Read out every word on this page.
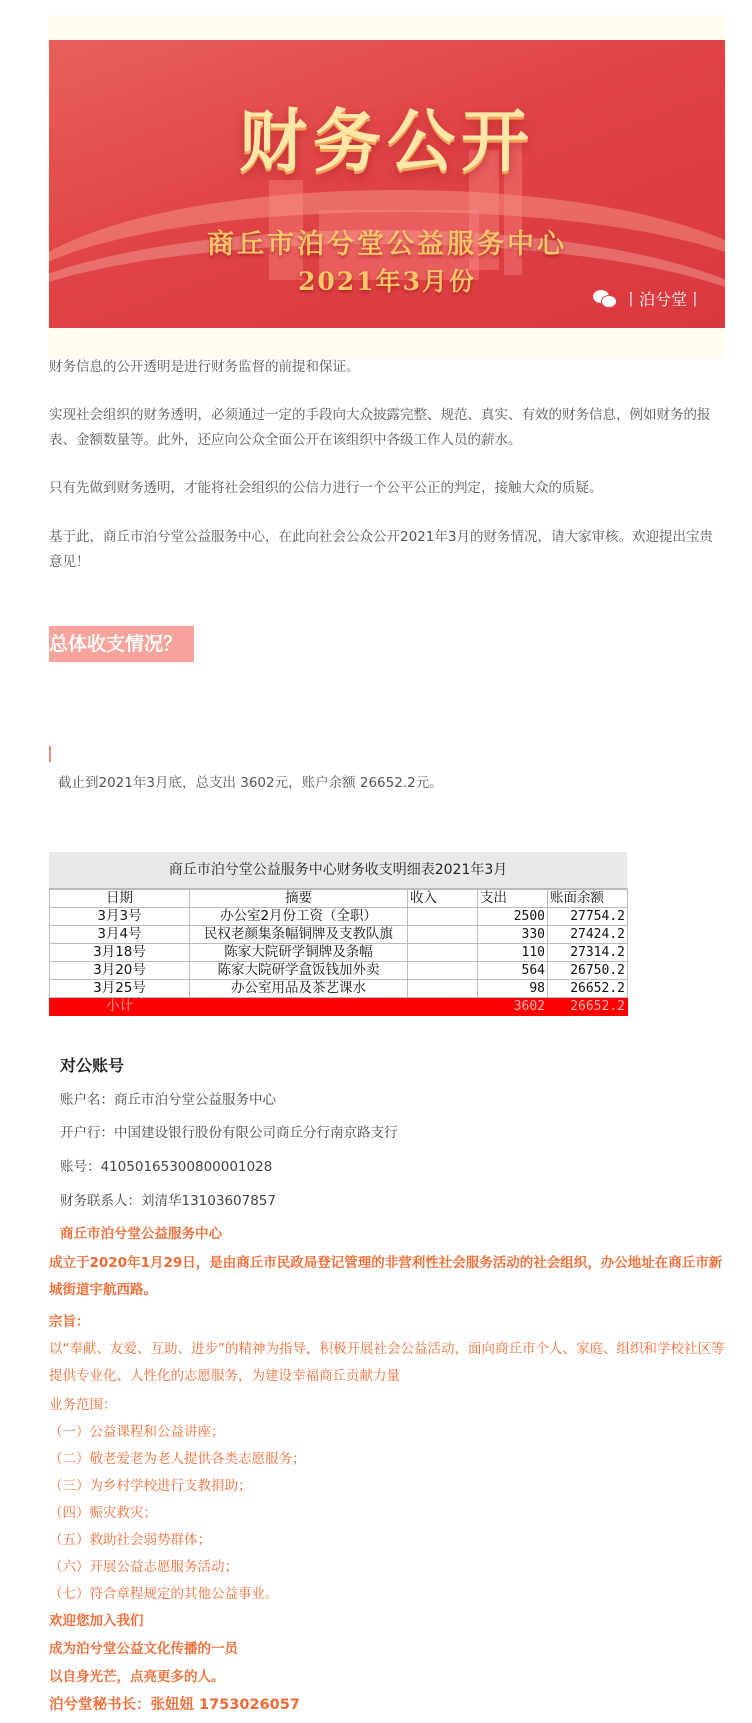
财务公开
商丘市泊兮堂公益服务中心
2021年3月份
丨泊兮堂丨
财务信息的公开透明是进行财务监督的前提和保证。
实现社会组织的财务透明，必须通过一定的手段向大众披露完整、规范、真实、有效的财务信息，例如财务的报表、金额数量等。此外，还应向公众全面公开在该组织中各级工作人员的薪水。
只有先做到财务透明，才能将社会组织的公信力进行一个公平公正的判定，接触大众的质疑。
基于此，商丘市泊兮堂公益服务中心，在此向社会公众公开2021年3月的财务情况，请大家审核。欢迎提出宝贵意见！
总体收支情况？
截止到2021年3月底，总支出 3602元，账户余额 26652.2元。
商丘市泊兮堂公益服务中心财务收支明细表2021年3月
日期	摘要	收入	支出	账面余额
3月3号	办公室2月份工资（全职）		2500	27754.2
3月4号	民权老颜集条幅铜牌及支教队旗		330	27424.2
3月18号	陈家大院研学铜牌及条幅		110	27314.2
3月20号	陈家大院研学盒饭钱加外卖		564	26750.2
3月25号	办公室用品及茶艺课水		98	26652.2
小计			3602	26652.2
对公账号
账户名：商丘市泊兮堂公益服务中心
开户行：中国建设银行股份有限公司商丘分行南京路支行
账号：41050165300800001028
财务联系人：刘清华13103607857
商丘市泊兮堂公益服务中心
成立于2020年1月29日，是由商丘市民政局登记管理的非营利性社会服务活动的社会组织，办公地址在商丘市新城街道宇航西路。
宗旨：
以“奉献、友爱、互助、进步”的精神为指导，积极开展社会公益活动，面向商丘市个人、家庭、组织和学校社区等提供专业化、人性化的志愿服务，为建设幸福商丘贡献力量
业务范围：
（一）公益课程和公益讲座；
（二）敬老爱老为老人提供各类志愿服务；
（三）为乡村学校进行支教捐助；
（四）赈灾救灾；
（五）救助社会弱势群体；
（六）开展公益志愿服务活动；
（七）符合章程规定的其他公益事业。
欢迎您加入我们
成为泊兮堂公益文化传播的一员
以自身光芒，点亮更多的人。
泊兮堂秘书长：张妞妞 1753026057
